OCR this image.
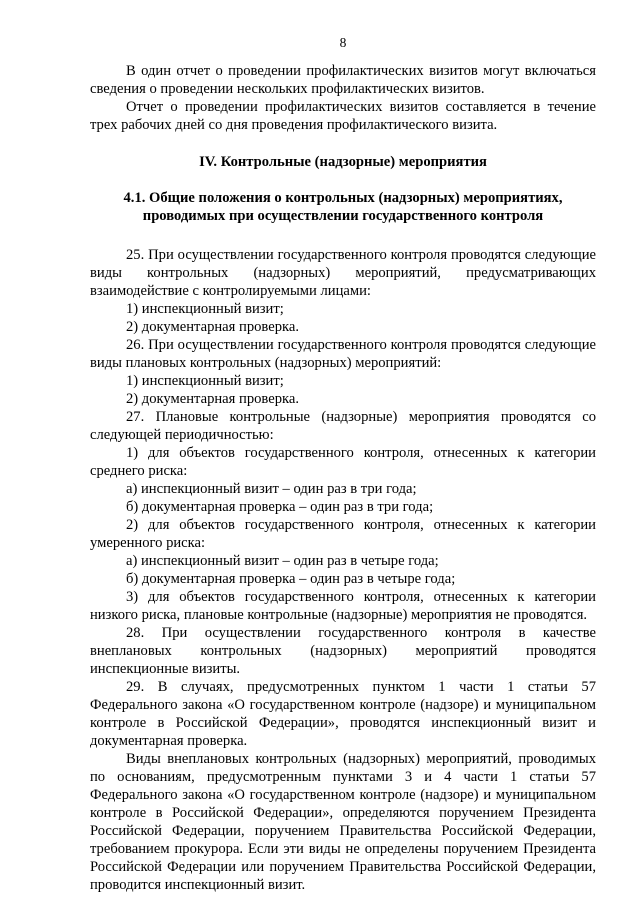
8

В один отчет о проведении профилактических визитов могут включаться сведения о проведении нескольких профилактических визитов.

Отчет о проведении профилактических визитов составляется в течение трех рабочих дней со дня проведения профилактического визита.

IV. Контрольные (надзорные) мероприятия
4.1. Общие положения о контрольных (надзорных) мероприятиях,
проводимых при осуществлении государственного контроля

25. При осуществлении государственного контроля проводятся следующие виды контрольных (надзорных) мероприятий, предусматривающих взаимодействие с контролируемыми лицами:

1) инспекционный визит;

2) документарная проверка.

26. При осуществлении государственного контроля проводятся следующие виды плановых контрольных (надзорных) мероприятий:

1) инспекционный визит;

2) документарная проверка.

27. Плановые контрольные (надзорные) мероприятия проводятся со следующей периодичностью:

1) для объектов государственного контроля, отнесенных к категории среднего риска:

а) инспекционный визит – один раз в три года;

б) документарная проверка – один раз в три года;

2) для объектов государственного контроля, отнесенных к категории умеренного риска:

а) инспекционный визит – один раз в четыре года;

б) документарная проверка – один раз в четыре года;

3) для объектов государственного контроля, отнесенных к категории низкого риска, плановые контрольные (надзорные) мероприятия не проводятся.

28. При осуществлении государственного контроля в качестве внеплановых контрольных (надзорных) мероприятий проводятся инспекционные визиты.

29. В случаях, предусмотренных пунктом 1 части 1 статьи 57 Федерального закона «О государственном контроле (надзоре) и муниципальном контроле в Российской Федерации», проводятся инспекционный визит и документарная проверка.

Виды внеплановых контрольных (надзорных) мероприятий, проводимых по основаниям, предусмотренным пунктами 3 и 4 части 1 статьи 57 Федерального закона «О государственном контроле (надзоре) и муниципальном контроле в Российской Федерации», определяются поручением Президента Российской Федерации, поручением Правительства Российской Федерации, требованием прокурора. Если эти виды не определены поручением Президента Российской Федерации или поручением Правительства Российской Федерации, проводится инспекционный визит.
